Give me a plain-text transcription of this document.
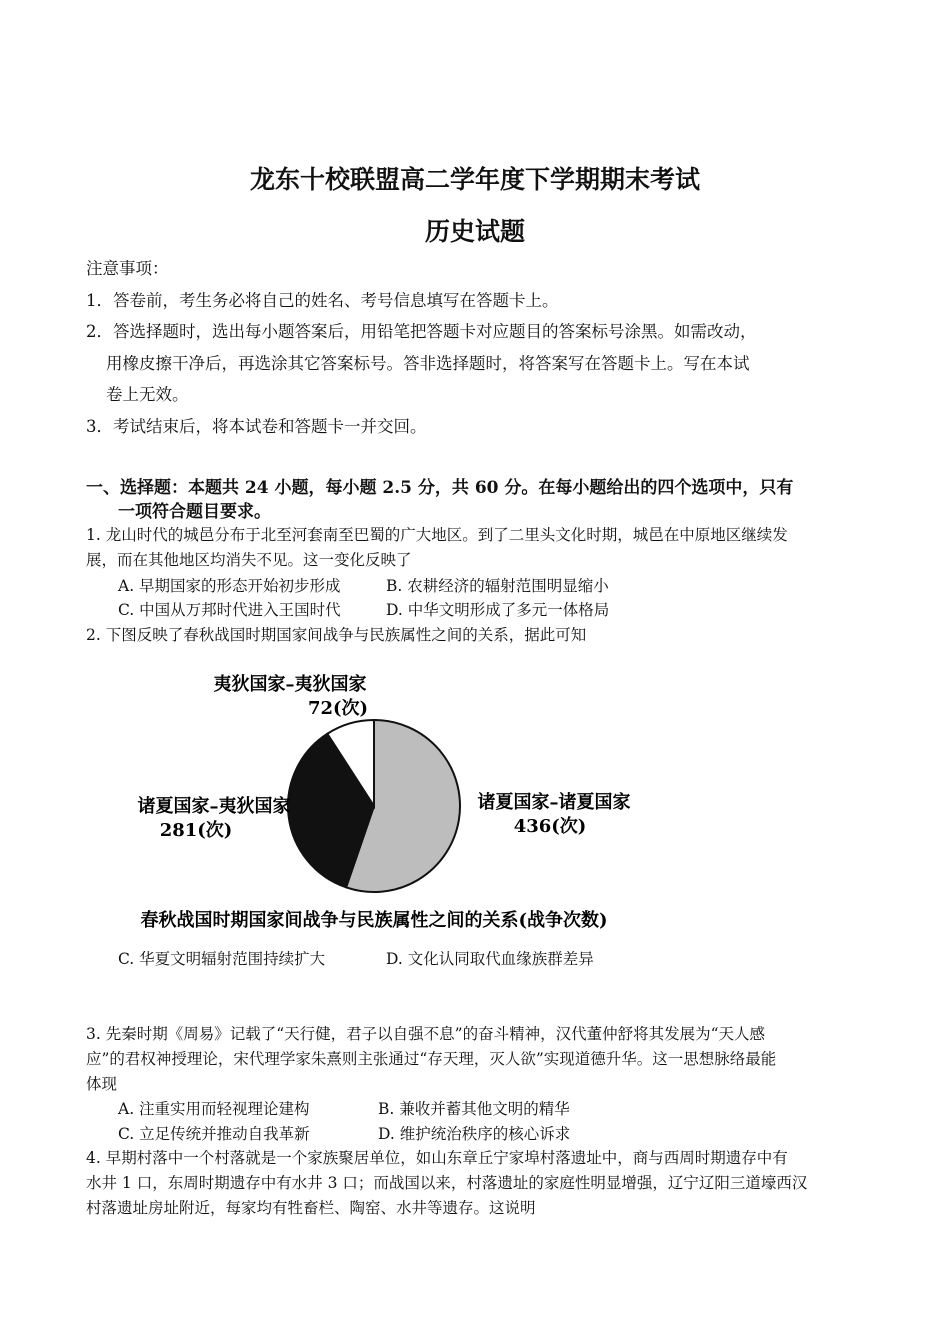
龙东十校联盟高二学年度下学期期末考试
历史试题
注意事项：
1．答卷前，考生务必将自己的姓名、考号信息填写在答题卡上。
2．答选择题时，选出每小题答案后，用铅笔把答题卡对应题目的答案标号涂黑。如需改动，
用橡皮擦干净后，再选涂其它答案标号。答非选择题时，将答案写在答题卡上。写在本试
卷上无效。
3．考试结束后，将本试卷和答题卡一并交回。
一、选择题：本题共 24 小题，每小题 2.5 分，共 60 分。在每小题给出的四个选项中，只有
一项符合题目要求。
1. 龙山时代的城邑分布于北至河套南至巴蜀的广大地区。到了二里头文化时期，城邑在中原地区继续发
展，而在其他地区均消失不见。这一变化反映了
A. 早期国家的形态开始初步形成	B. 农耕经济的辐射范围明显缩小
C. 中国从万邦时代进入王国时代	D. 中华文明形成了多元一体格局
2. 下图反映了春秋战国时期国家间战争与民族属性之间的关系，据此可知
夷狄国家–夷狄国家
72(次)
诸夏国家–夷狄国家
281(次)
诸夏国家–诸夏国家
436(次)
春秋战国时期国家间战争与民族属性之间的关系(战争次数)
C. 华夏文明辐射范围持续扩大	D. 文化认同取代血缘族群差异
3. 先秦时期《周易》记载了“天行健，君子以自强不息”的奋斗精神，汉代董仲舒将其发展为“天人感
应”的君权神授理论，宋代理学家朱熹则主张通过“存天理，灭人欲”实现道德升华。这一思想脉络最能
体现
A. 注重实用而轻视理论建构	B. 兼收并蓄其他文明的精华
C. 立足传统并推动自我革新	D. 维护统治秩序的核心诉求
4. 早期村落中一个村落就是一个家族聚居单位，如山东章丘宁家埠村落遗址中，商与西周时期遗存中有
水井 1 口，东周时期遗存中有水井 3 口；而战国以来，村落遗址的家庭性明显增强，辽宁辽阳三道壕西汉
村落遗址房址附近，每家均有牲畜栏、陶窑、水井等遗存。这说明
